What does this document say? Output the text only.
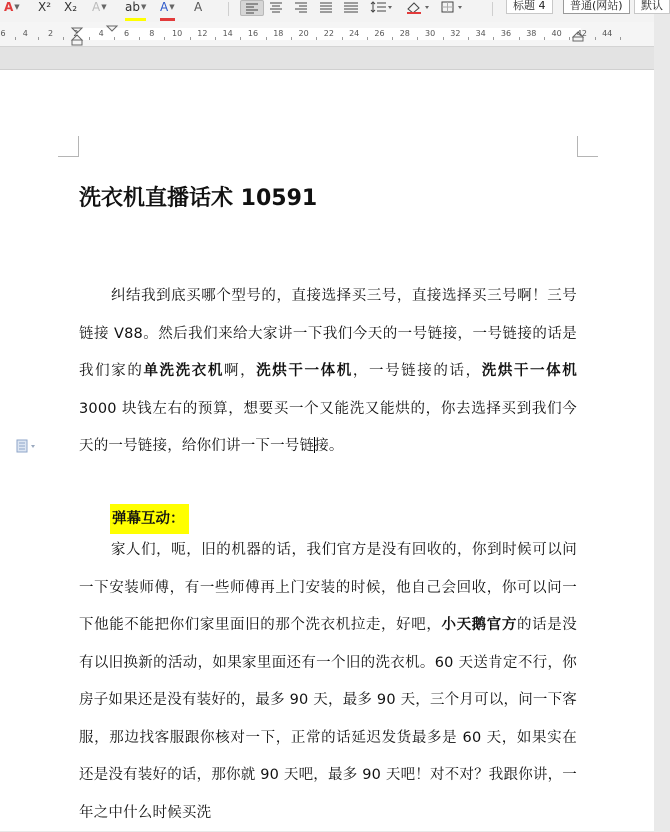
A▼ X² X₂ A▼ ab▼ A▼ A	标题 4	普通(网站)	默认
6 4	2	2	4	6	8 10 12 14 16 18 20 22 24 26 28 30 32 34 36 38 40 42 44
洗衣机直播话术 10591

纠结我到底买哪个型号的，直接选择买三号，直接选择买三号啊！三号链接 V88。然后我们来给大家讲一下我们今天的一号链接，一号链接的话是我们家的单洗洗衣机啊，洗烘干一体机，一号链接的话，洗烘干一体机 3000 块钱左右的预算，想要买一个又能洗又能烘的，你去选择买到我们今天的一号链接，给你们讲一下一号链接。

弹幕互动：

家人们，呃，旧的机器的话，我们官方是没有回收的，你到时候可以问一下安装师傅，有一些师傅再上门安装的时候，他自己会回收，你可以问一下他能不能把你们家里面旧的那个洗衣机拉走，好吧，小天鹅官方的话是没有以旧换新的活动，如果家里面还有一个旧的洗衣机。60 天送肯定不行，你房子如果还是没有装好的，最多 90 天，最多 90 天，三个月可以，问一下客服，那边找客服跟你核对一下，正常的话延迟发货最多是 60 天，如果实在还是没有装好的话，那你就 90 天吧，最多 90 天吧！对不对？我跟你讲，一年之中什么时候买洗
